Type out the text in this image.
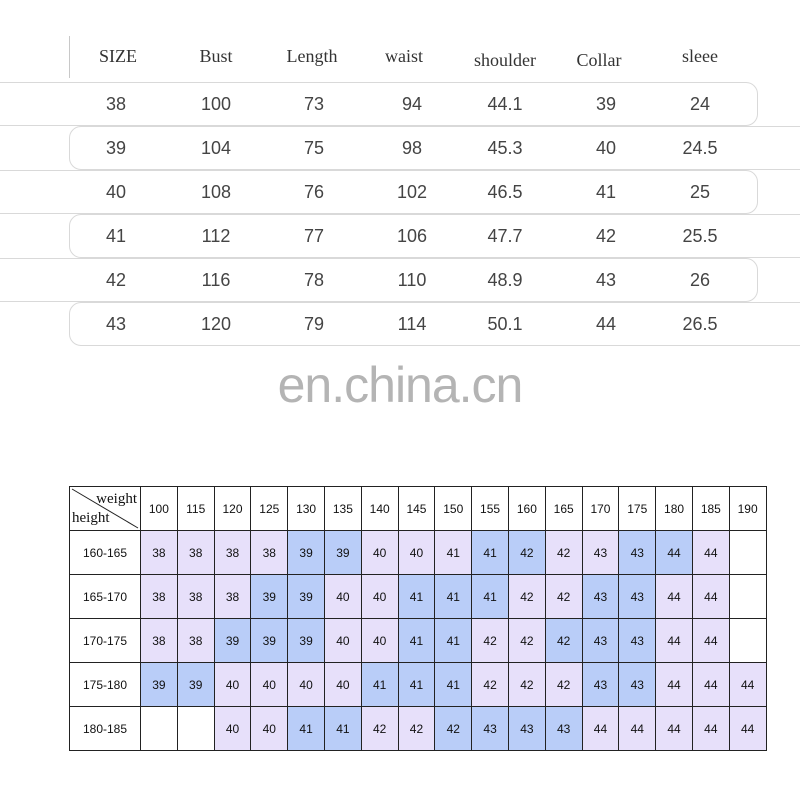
SIZE	Bust	Length	waist	shoulder	Collar	sleee
38	100	73	94	44.1	39	24
39	104	75	98	45.3	40	24.5
40	108	76	102	46.5	41	25
41	112	77	106	47.7	42	25.5
42	116	78	110	48.9	43	26
43	120	79	114	50.1	44	26.5
en.china.cn
weight
height	100	115	120	125	130	135	140	145	150	155	160	165	170	175	180	185	190
160-165	38	38	38	38	39	39	40	40	41	41	42	42	43	43	44	44	
165-170	38	38	38	39	39	40	40	41	41	41	42	42	43	43	44	44	
170-175	38	38	39	39	39	40	40	41	41	42	42	42	43	43	44	44	
175-180	39	39	40	40	40	40	41	41	41	42	42	42	43	43	44	44	44
180-185			40	40	41	41	42	42	42	43	43	43	44	44	44	44	44
